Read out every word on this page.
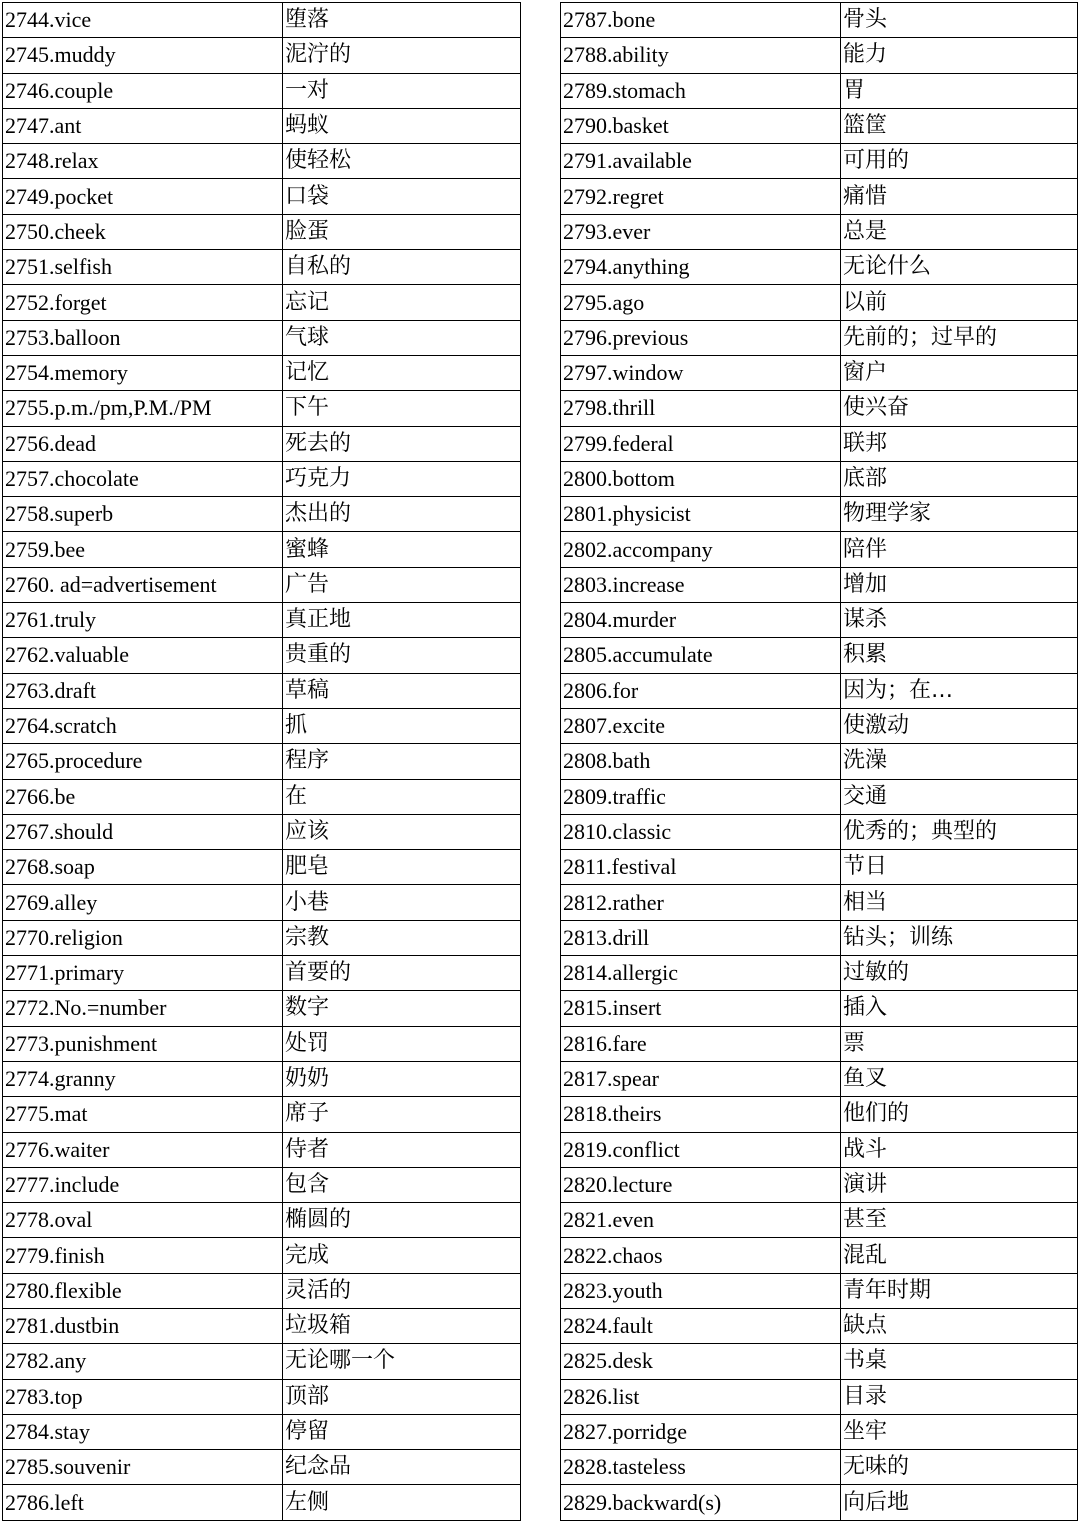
2744.vice	堕落
2745.muddy	泥泞的
2746.couple	一对
2747.ant	蚂蚁
2748.relax	使轻松
2749.pocket	口袋
2750.cheek	脸蛋
2751.selfish	自私的
2752.forget	忘记
2753.balloon	气球
2754.memory	记忆
2755.p.m./pm,P.M./PM	下午
2756.dead	死去的
2757.chocolate	巧克力
2758.superb	杰出的
2759.bee	蜜蜂
2760. ad=advertisement	广告
2761.truly	真正地
2762.valuable	贵重的
2763.draft	草稿
2764.scratch	抓
2765.procedure	程序
2766.be	在
2767.should	应该
2768.soap	肥皂
2769.alley	小巷
2770.religion	宗教
2771.primary	首要的
2772.No.=number	数字
2773.punishment	处罚
2774.granny	奶奶
2775.mat	席子
2776.waiter	侍者
2777.include	包含
2778.oval	椭圆的
2779.finish	完成
2780.flexible	灵活的
2781.dustbin	垃圾箱
2782.any	无论哪一个
2783.top	顶部
2784.stay	停留
2785.souvenir	纪念品
2786.left	左侧
2787.bone	骨头
2788.ability	能力
2789.stomach	胃
2790.basket	篮筐
2791.available	可用的
2792.regret	痛惜
2793.ever	总是
2794.anything	无论什么
2795.ago	以前
2796.previous	先前的；过早的
2797.window	窗户
2798.thrill	使兴奋
2799.federal	联邦
2800.bottom	底部
2801.physicist	物理学家
2802.accompany	陪伴
2803.increase	增加
2804.murder	谋杀
2805.accumulate	积累
2806.for	因为；在…
2807.excite	使激动
2808.bath	洗澡
2809.traffic	交通
2810.classic	优秀的；典型的
2811.festival	节日
2812.rather	相当
2813.drill	钻头；训练
2814.allergic	过敏的
2815.insert	插入
2816.fare	票
2817.spear	鱼叉
2818.theirs	他们的
2819.conflict	战斗
2820.lecture	演讲
2821.even	甚至
2822.chaos	混乱
2823.youth	青年时期
2824.fault	缺点
2825.desk	书桌
2826.list	目录
2827.porridge	坐牢
2828.tasteless	无味的
2829.backward(s)	向后地
